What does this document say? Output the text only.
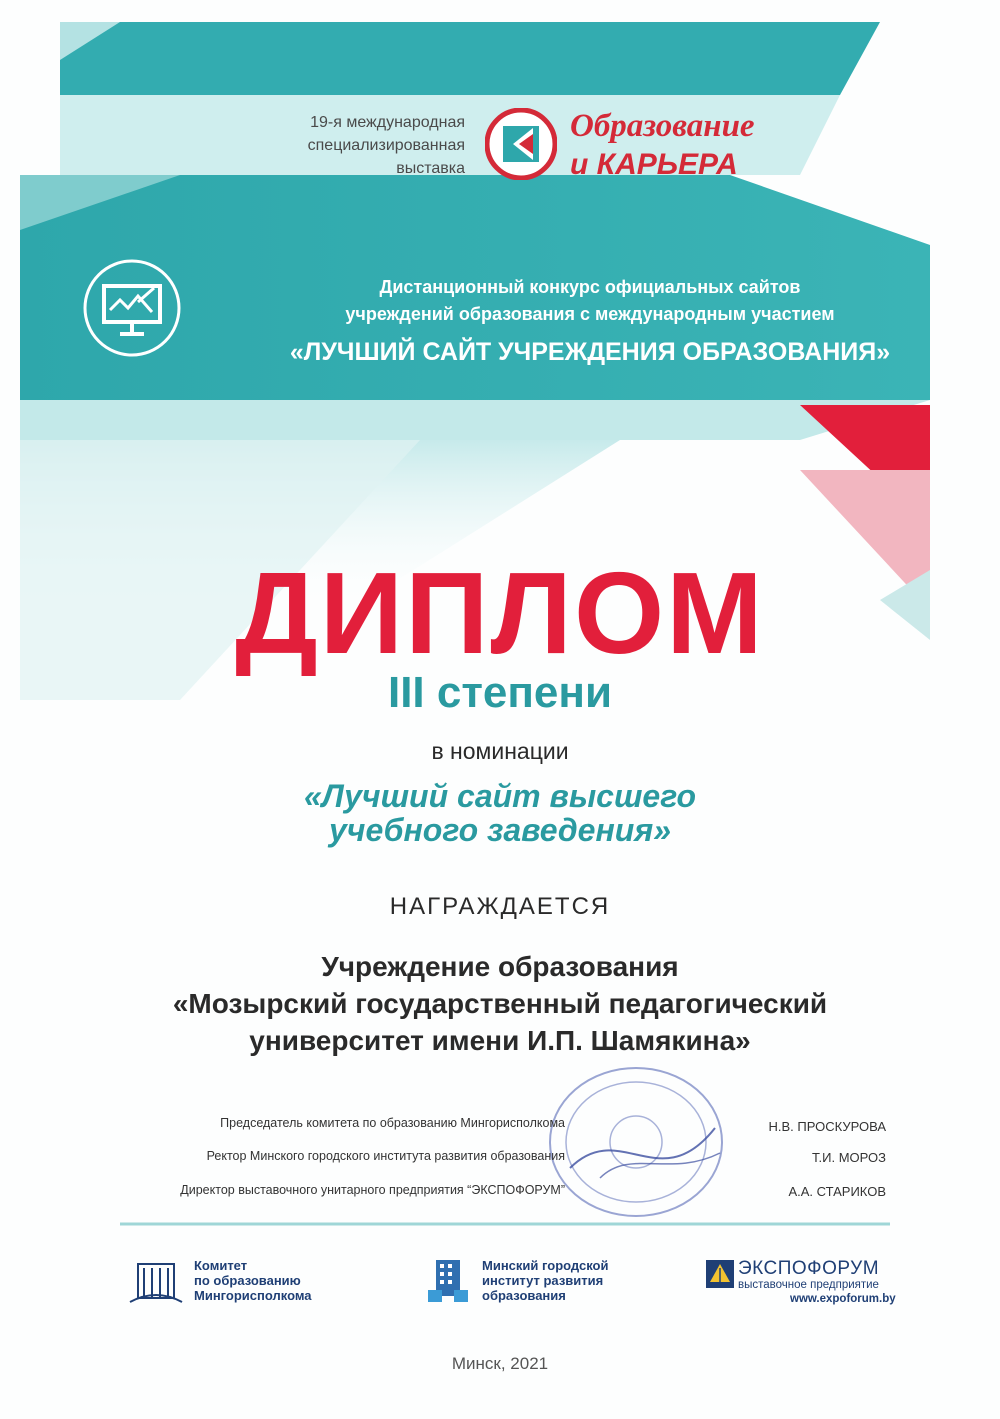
19-я международная
специализированная
выставка
Образование
и КАРЬЕРА
Дистанционный конкурс официальных сайтов
учреждений образования с международным участием
«ЛУЧШИЙ САЙТ УЧРЕЖДЕНИЯ ОБРАЗОВАНИЯ»
ДИПЛОМ
III степени
в номинации
«Лучший сайт высшего
учебного заведения»
НАГРАЖДАЕТСЯ
Учреждение образования
«Мозырский государственный педагогический
университет имени И.П. Шамякина»
Председатель комитета по образованию Мингорисполкома	Н.В. ПРОСКУРОВА
Ректор Минского городского института развития образования	Т.И. МОРОЗ
Директор выставочного унитарного предприятия “ЭКСПОФОРУМ”	А.А. СТАРИКОВ
Комитет
по образованию
Мингорисполкома
Минский городской
институт развития
образования
ЭКСПОФОРУМ
выставочное предприятие
www.expoforum.by
Минск, 2021
